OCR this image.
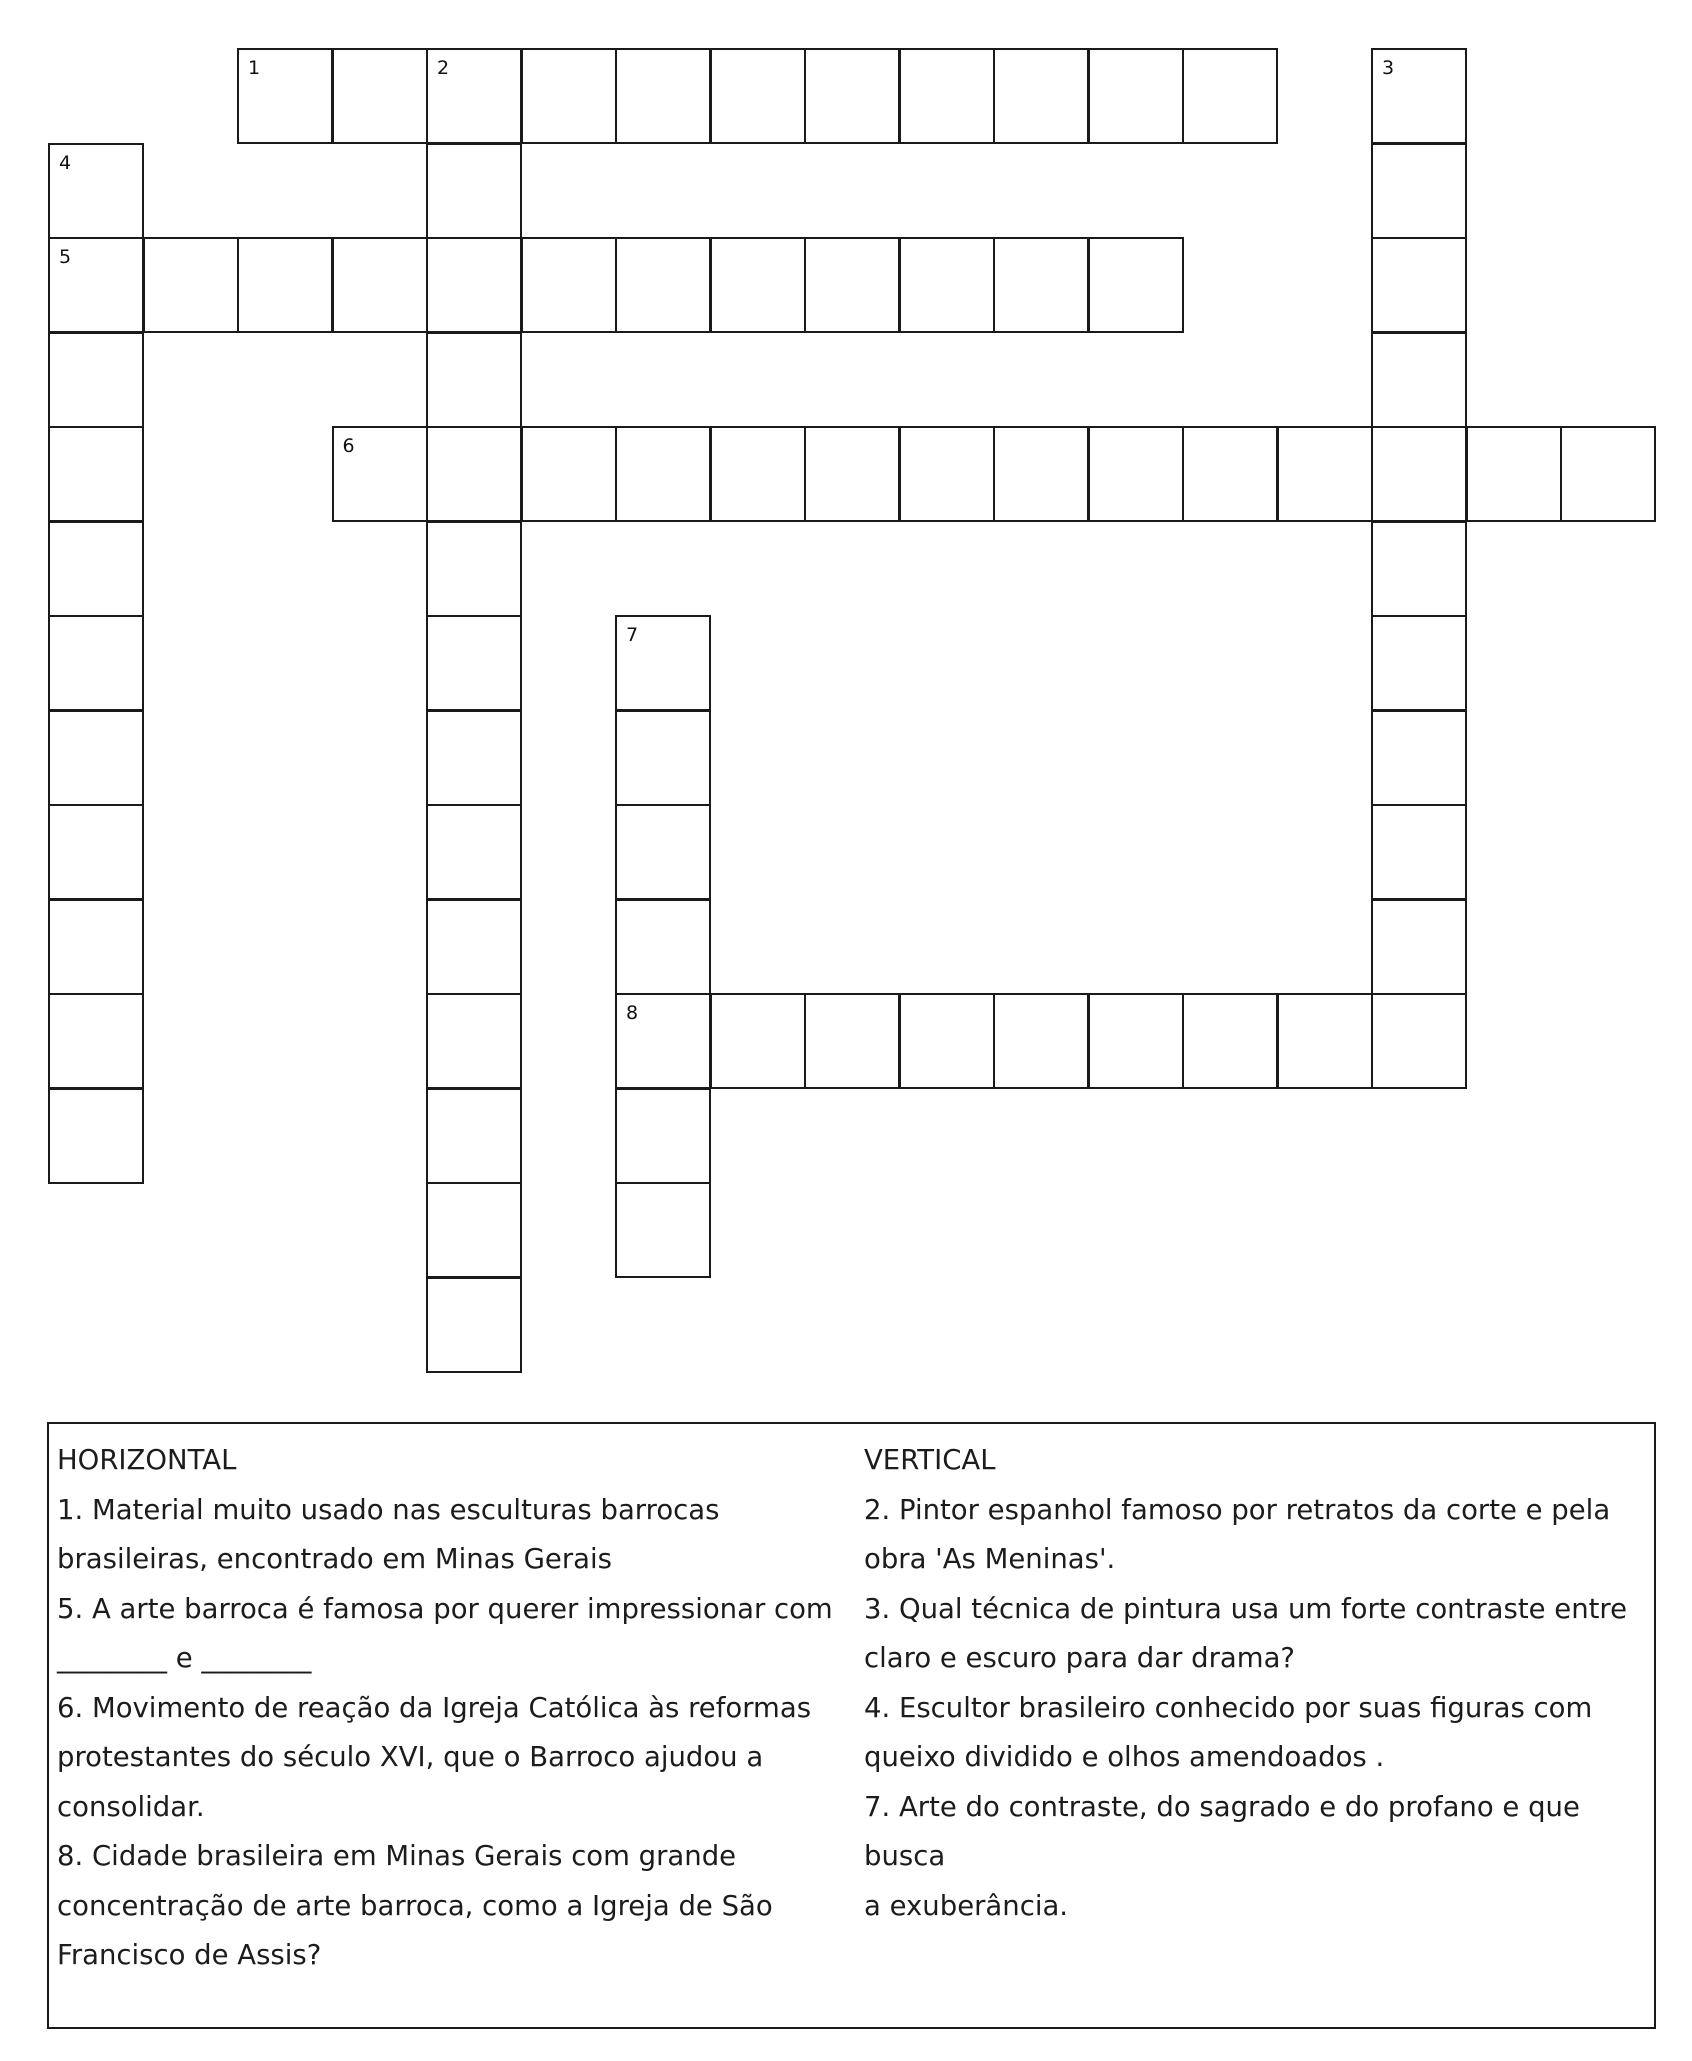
1	2	3
4
5
6
7
8

HORIZONTAL

1. Material muito usado nas esculturas barrocas

brasileiras, encontrado em Minas Gerais

5. A arte barroca é famosa por querer impressionar com

________ e ________

6. Movimento de reação da Igreja Católica às reformas

protestantes do século XVI, que o Barroco ajudou a

consolidar.

8. Cidade brasileira em Minas Gerais com grande

concentração de arte barroca, como a Igreja de São

Francisco de Assis?

VERTICAL

2. Pintor espanhol famoso por retratos da corte e pela

obra 'As Meninas'.

3. Qual técnica de pintura usa um forte contraste entre

claro e escuro para dar drama?

4. Escultor brasileiro conhecido por suas figuras com

queixo dividido e olhos amendoados .

7. Arte do contraste, do sagrado e do profano e que busca

a exuberância.
